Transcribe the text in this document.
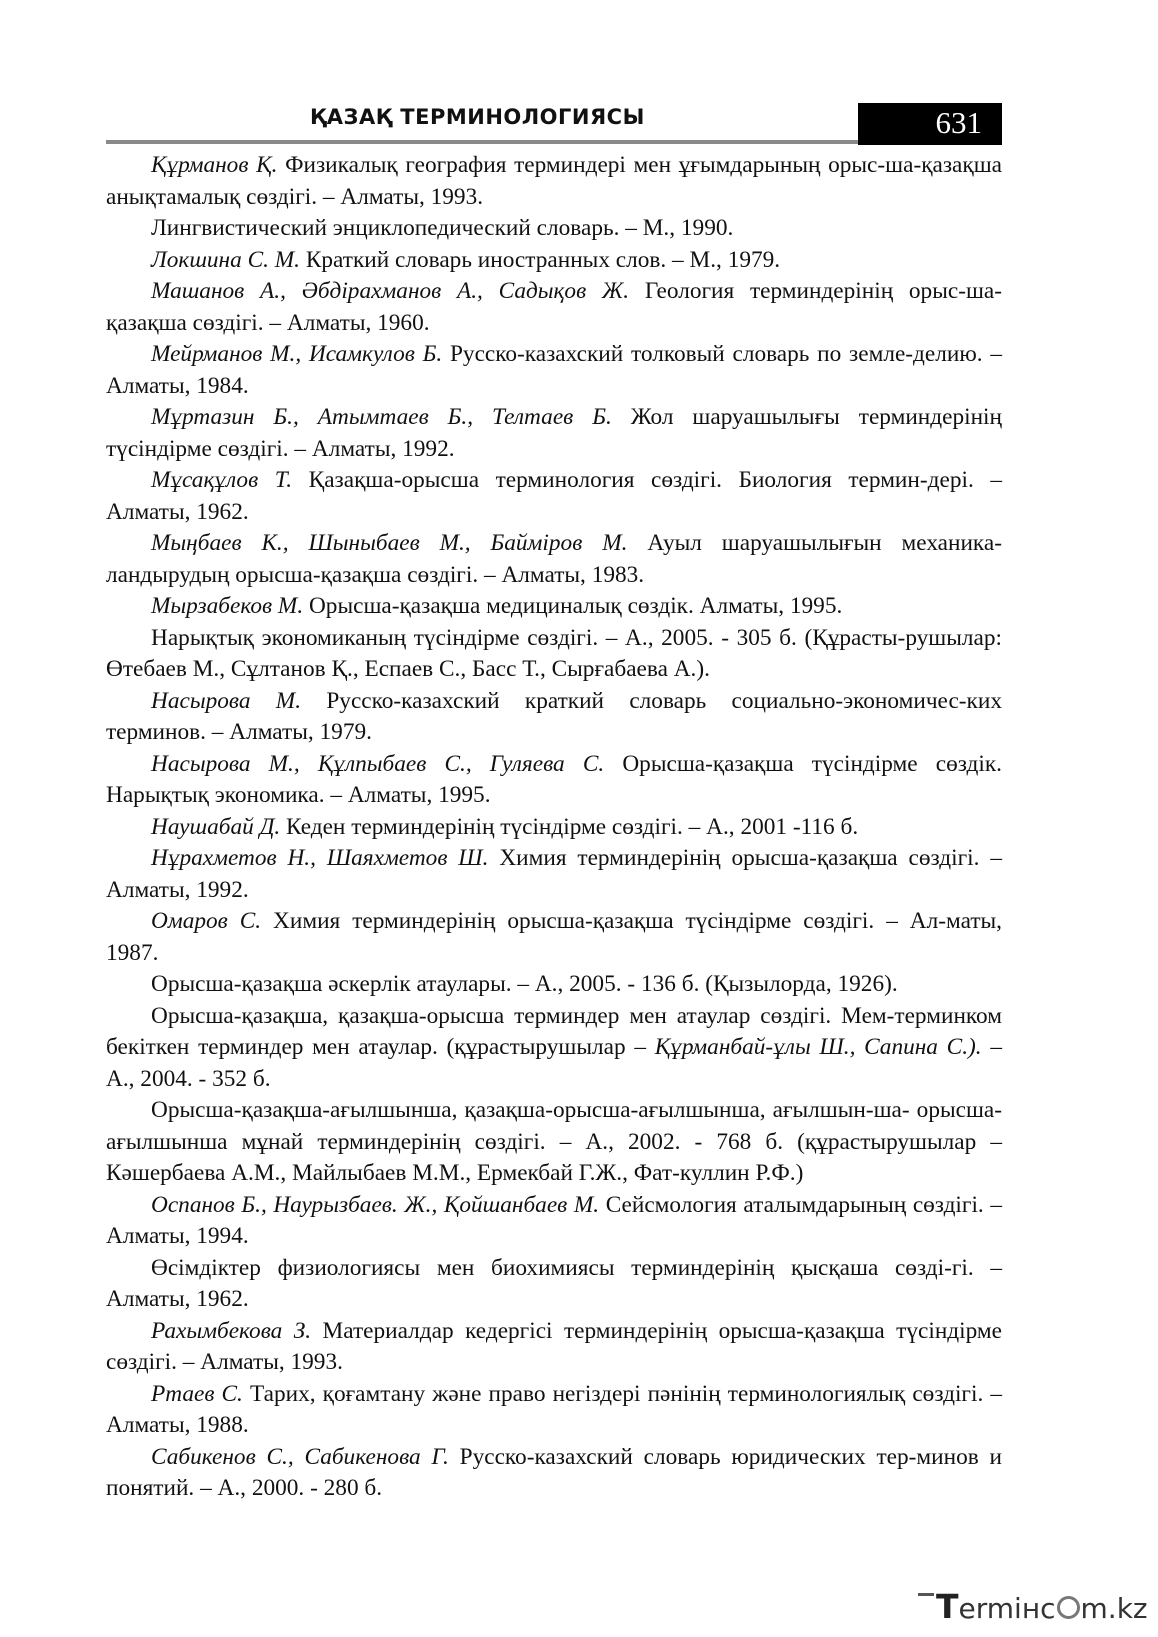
ҚАЗАҚ ТЕРМИНОЛОГИЯСЫ	631

Құрманов Қ. Физикалық география терминдері мен ұғымдарының орыс-ша-қазақша анықтамалық сөздігі. – Алматы, 1993.

Лингвистический энциклопедический словарь. – М., 1990.

Локшина С. М. Краткий словарь иностранных слов. – М., 1979.

Машанов А., Әбдірахманов А., Садықов Ж. Геология терминдерінің орыс-ша-қазақша сөздігі. – Алматы, 1960.

Мейрманов М., Исамкулов Б. Русско-казахский толковый словарь по земле-делию. – Алматы, 1984.

Мұртазин Б., Атымтаев Б., Телтаев Б. Жол шаруашылығы терминдерінің түсіндірме сөздігі. – Алматы, 1992.

Мұсақұлов Т. Қазақша-орысша терминология сөздігі. Биология термин-дері. – Алматы, 1962.

Мыңбаев К., Шыныбаев М., Баймiров М. Ауыл шаруашылығын механика-ландырудың орысша-қазақша сөздігі. – Алматы, 1983.

Мырзабеков М. Орысша-қазақша медициналық сөздік. Алматы, 1995.

Нарықтық экономиканың түсіндірме сөздігі. – А., 2005. - 305 б. (Құрасты-рушылар: Өтебаев М., Сұлтанов Қ., Еспаев С., Басс Т., Сырғабаева А.).

Насырова М. Русско-казахский краткий словарь социально-экономичес-ких терминов. – Алматы, 1979.

Насырова М., Құлпыбаев С., Гуляева С. Орысша-қазақша түсіндірме сөздік. Нарықтық экономика. – Алматы, 1995.

Наушабай Д. Кеден терминдерінің түсіндірме сөздігі. – А., 2001 -116 б.

Нұрахметов Н., Шаяхметов Ш. Химия терминдерінің орысша-қазақша сөздігі. – Алматы, 1992.

Омаров С. Химия терминдерінің орысша-қазақша түсіндірме сөздігі. – Ал-маты, 1987.

Орысша-қазақша әскерлік атаулары. – А., 2005. - 136 б. (Қызылорда, 1926).

Орысша-қазақша, қазақша-орысша терминдер мен атаулар сөздігі. Мем-терминком бекіткен терминдер мен атаулар. (құрастырушылар – Құрманбай-ұлы Ш., Сапина С.). – А., 2004. - 352 б.

Орысша-қазақша-ағылшынша, қазақша-орысша-ағылшынша, ағылшын-ша- орысша-ағылшынша мұнай терминдерінің сөздігі. – А., 2002. - 768 б. (құрастырушылар – Кәшербаева А.М., Майлыбаев М.М., Ермекбай Г.Ж., Фат-куллин Р.Ф.)

Оспанов Б., Наурызбаев. Ж., Қойшанбаев М. Сейсмология аталымдарының сөздігі. – Алматы, 1994.

Өсімдіктер физиологиясы мен биохимиясы терминдерінің қысқаша сөзді-гі. – Алматы, 1962.

Рахымбекова З. Материалдар кедергісі терминдерінің орысша-қазақша түсіндірме сөздігі. – Алматы, 1993.

Ртаев С. Тарих, қоғамтану және право негіздері пәнінің терминологиялық сөздігі. – Алматы, 1988.

Сабикенов С., Сабикенова Г. Русско-казахский словарь юридических тер-минов и понятий. – А., 2000. - 280 б.

Termінc m.kz
